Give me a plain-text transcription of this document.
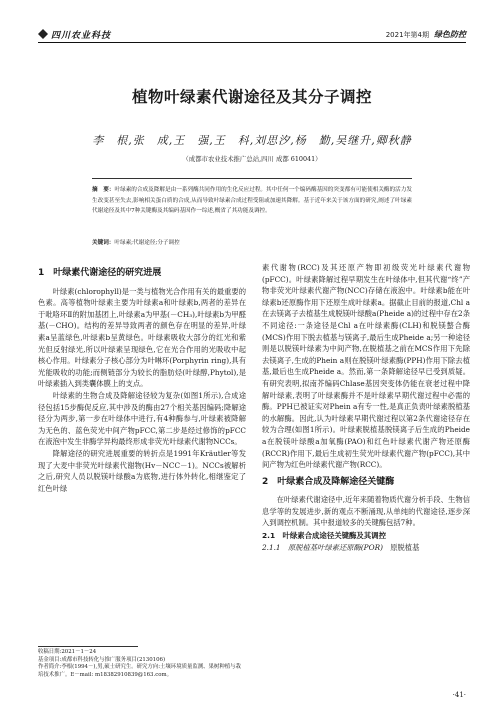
四川农业科技	2021年第4期 绿色防控
植物叶绿素代谢途径及其分子调控
李　根,张　成,王　强,王　科,刘思汐,杨　勤,吴继升,卿秋静
（成都市农业技术推广总站,四川 成都 610041）
摘　要：叶绿素的合成及降解是由一系列酶共同作用的生化反应过程。其中任何一个编码酶基因的突变都有可能使相关酶的活力发生改变甚至失去,影响相关蛋白质的合成,从而导致叶绿素合成过程受阻或加速其降解。基于近年来关于该方面的研究,阐述了叶绿素代谢途径及其中7种关键酶及其编码基因作一综述,概省了其功能及调控。
关键词：叶绿素;代谢途径;分子调控
1　叶绿素代谢途径的研究进展

叶绿素(chlorophyll)是一类与植物光合作用有关的最重要的色素。高等植物叶绿素主要为叶绿素a和叶绿素b,两者的差异在于吡咯环Ⅱ的附加基团上,叶绿素a为甲基(－CH₃),叶绿素b为甲醛基(－CHO)。结构的差异导致两者的颜色存在明显的差异,叶绿素a呈蓝绿色,叶绿素b呈黄绿色。叶绿素吸收大部分的红光和紫光但反射绿光,所以叶绿素呈现绿色,它在光合作用的光吸收中起核心作用。叶绿素分子核心部分为叶啉环(Porphyrin ring),具有光能吸收的功能;而侧链部分为较长的脂肪烃(叶绿醇,Phytol),是叶绿素插入到类囊体膜上的支点。

叶绿素的生物合成及降解途径较为复杂(如图1所示),合成途径包括15步酶促反应,其中涉及的酶由27个相关基因编码;降解途径分为两步,第一步在叶绿体中进行,有4种酶参与,叶绿素被降解为无色的、蓝色荧光中间产物pFCC,第二步是经过修饰的pFCC在液泡中发生非酶学异构最终形成非荧光叶绿素代谢物NCCs。

降解途径的研究进展重要的转折点是1991年Kräutler等发现了大麦中非荧光叶绿素代谢物(Hv－NCC－1)。NCCs被解析之后,研究人员以脱镁叶绿酸a为底物,进行体外转化,相继鉴定了红色叶绿

素代谢物(RCC)及其还原产物即初级荧光叶绿素代谢物(pFCC)。叶绿素降解过程早期发生在叶绿体中,但其代谢“终”产物非荧光叶绿素代谢产物(NCC)存储在液泡中。叶绿素b能在叶绿素b还原酶作用下还原生成叶绿素a。据截止目前的报道,Chl a在去镁离子去植基生成脱镁叶绿酸a(Pheide a)的过程中存在2条不同途径:一条途径是Chl a在叶绿素酶(CLH)和脱镁螯合酶(MCS)作用下脱去植基与镁离子,最后生成Pheide a;另一种途径则是以脱镁叶绿素为中间产物,在脱植基之前在MCS作用下先除去镁离子,生成的Phein a则在脱镁叶绿素酶(PPH)作用下除去植基,最后也生成Pheide a。然而,第一条降解途径早已受到质疑。有研究表明,拟南芥编码Chlase基因突变体仍能在衰老过程中降解叶绿素,表明了叶绿素酶并不是叶绿素早期代谢过程中必需的酶。PPH已被证实对Phein a有专一性,是真正负责叶绿素脱植基的水解酶。因此,认为叶绿素早期代谢过程以第2条代谢途径存在较为合理(如图1所示)。叶绿素脱植基脱镁离子后生成的Pheide a在脱镁叶绿酸a加氧酶(PAO)和红色叶绿素代谢产物还原酶(RCCR)作用下,最后生成初生荧光叶绿素代谢产物(pFCC),其中间产物为红色叶绿素代谢产物(RCC)。

2　叶绿素合成及降解途径关键酶

在叶绿素代谢途径中,近年来随着物质代谢分析手段、生物信息学等的发展进步,新的观点不断涌现,从单纯的代谢途径,逐步深入到调控机制。其中报道较多的关键酶包括7种。

2.1　叶绿素合成途径关键酶及其调控
2.1.1　原脱植基叶绿素还原酶(POR)　原脱植基
收稿日期:2021－1－24
基金项目:成都市科技转化与推广服务项目(2130106)
作者简介:李根(1994－),男,硕士研究生。研究方向:土壤环境质量监测、果树种植与栽培技术推广。E－mail: m18382910839@163.com。
·41·
